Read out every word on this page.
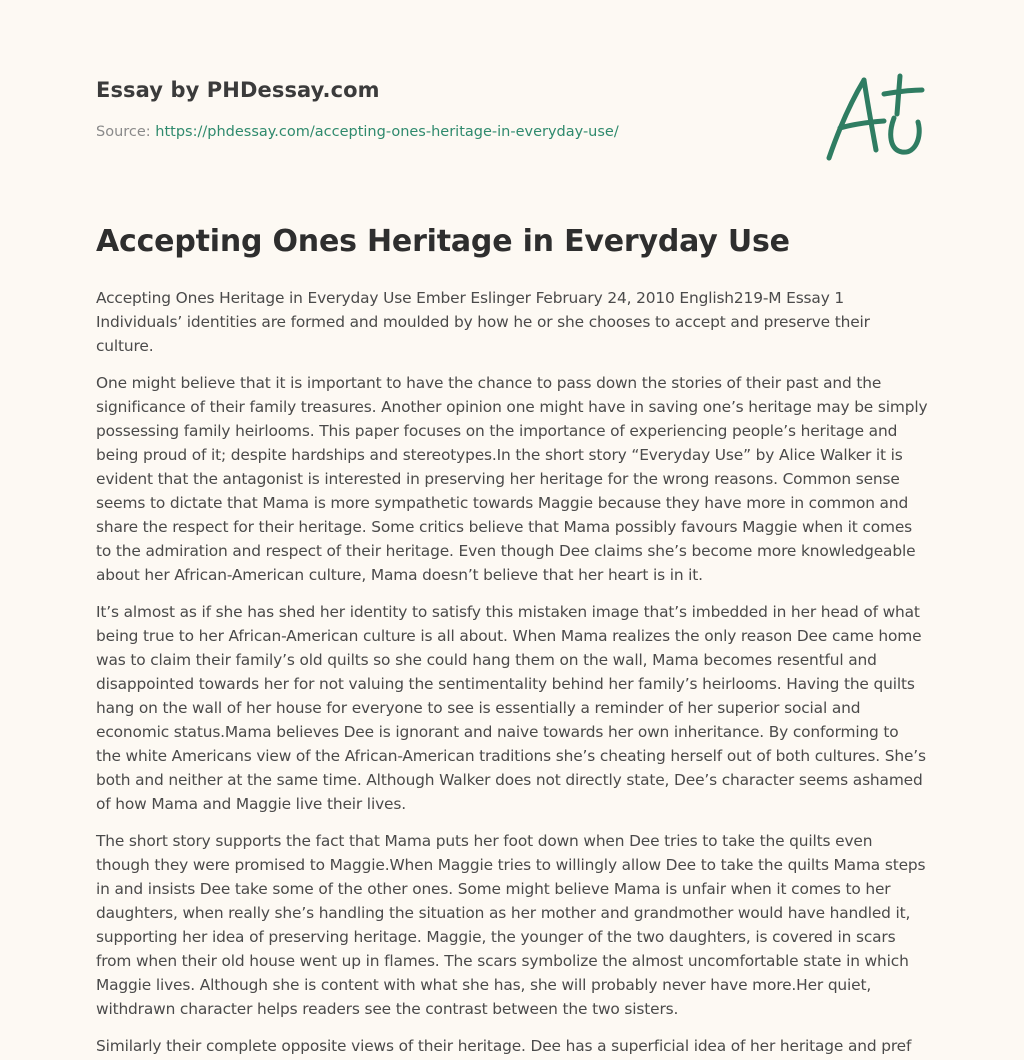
Essay by PHDessay.com
Source: https://phdessay.com/accepting-ones-heritage-in-everyday-use/
Accepting Ones Heritage in Everyday Use

Accepting Ones Heritage in Everyday Use Ember Eslinger February 24, 2010 English219-M Essay 1 Individuals’ identities are formed and moulded by how he or she chooses to accept and preserve their culture.

One might believe that it is important to have the chance to pass down the stories of their past and the significance of their family treasures. Another opinion one might have in saving one’s heritage may be simply possessing family heirlooms. This paper focuses on the importance of experiencing people’s heritage and being proud of it; despite hardships and stereotypes.In the short story “Everyday Use” by Alice Walker it is evident that the antagonist is interested in preserving her heritage for the wrong reasons. Common sense seems to dictate that Mama is more sympathetic towards Maggie because they have more in common and share the respect for their heritage. Some critics believe that Mama possibly favours Maggie when it comes to the admiration and respect of their heritage. Even though Dee claims she’s become more knowledgeable about her African-American culture, Mama doesn’t believe that her heart is in it.

It’s almost as if she has shed her identity to satisfy this mistaken image that’s imbedded in her head of what being true to her African-American culture is all about. When Mama realizes the only reason Dee came home was to claim their family’s old quilts so she could hang them on the wall, Mama becomes resentful and disappointed towards her for not valuing the sentimentality behind her family’s heirlooms. Having the quilts hang on the wall of her house for everyone to see is essentially a reminder of her superior social and economic status.Mama believes Dee is ignorant and naive towards her own inheritance. By conforming to the white Americans view of the African-American traditions she’s cheating herself out of both cultures. She’s both and neither at the same time. Although Walker does not directly state, Dee’s character seems ashamed of how Mama and Maggie live their lives.

The short story supports the fact that Mama puts her foot down when Dee tries to take the quilts even though they were promised to Maggie.When Maggie tries to willingly allow Dee to take the quilts Mama steps in and insists Dee take some of the other ones. Some might believe Mama is unfair when it comes to her daughters, when really she’s handling the situation as her mother and grandmother would have handled it, supporting her idea of preserving heritage. Maggie, the younger of the two daughters, is covered in scars from when their old house went up in flames. The scars symbolize the almost uncomfortable state in which Maggie lives. Although she is content with what she has, she will probably never have more.Her quiet, withdrawn character helps readers see the contrast between the two sisters.

Similarly their complete opposite views of their heritage. Dee has a superficial idea of her heritage and pref
